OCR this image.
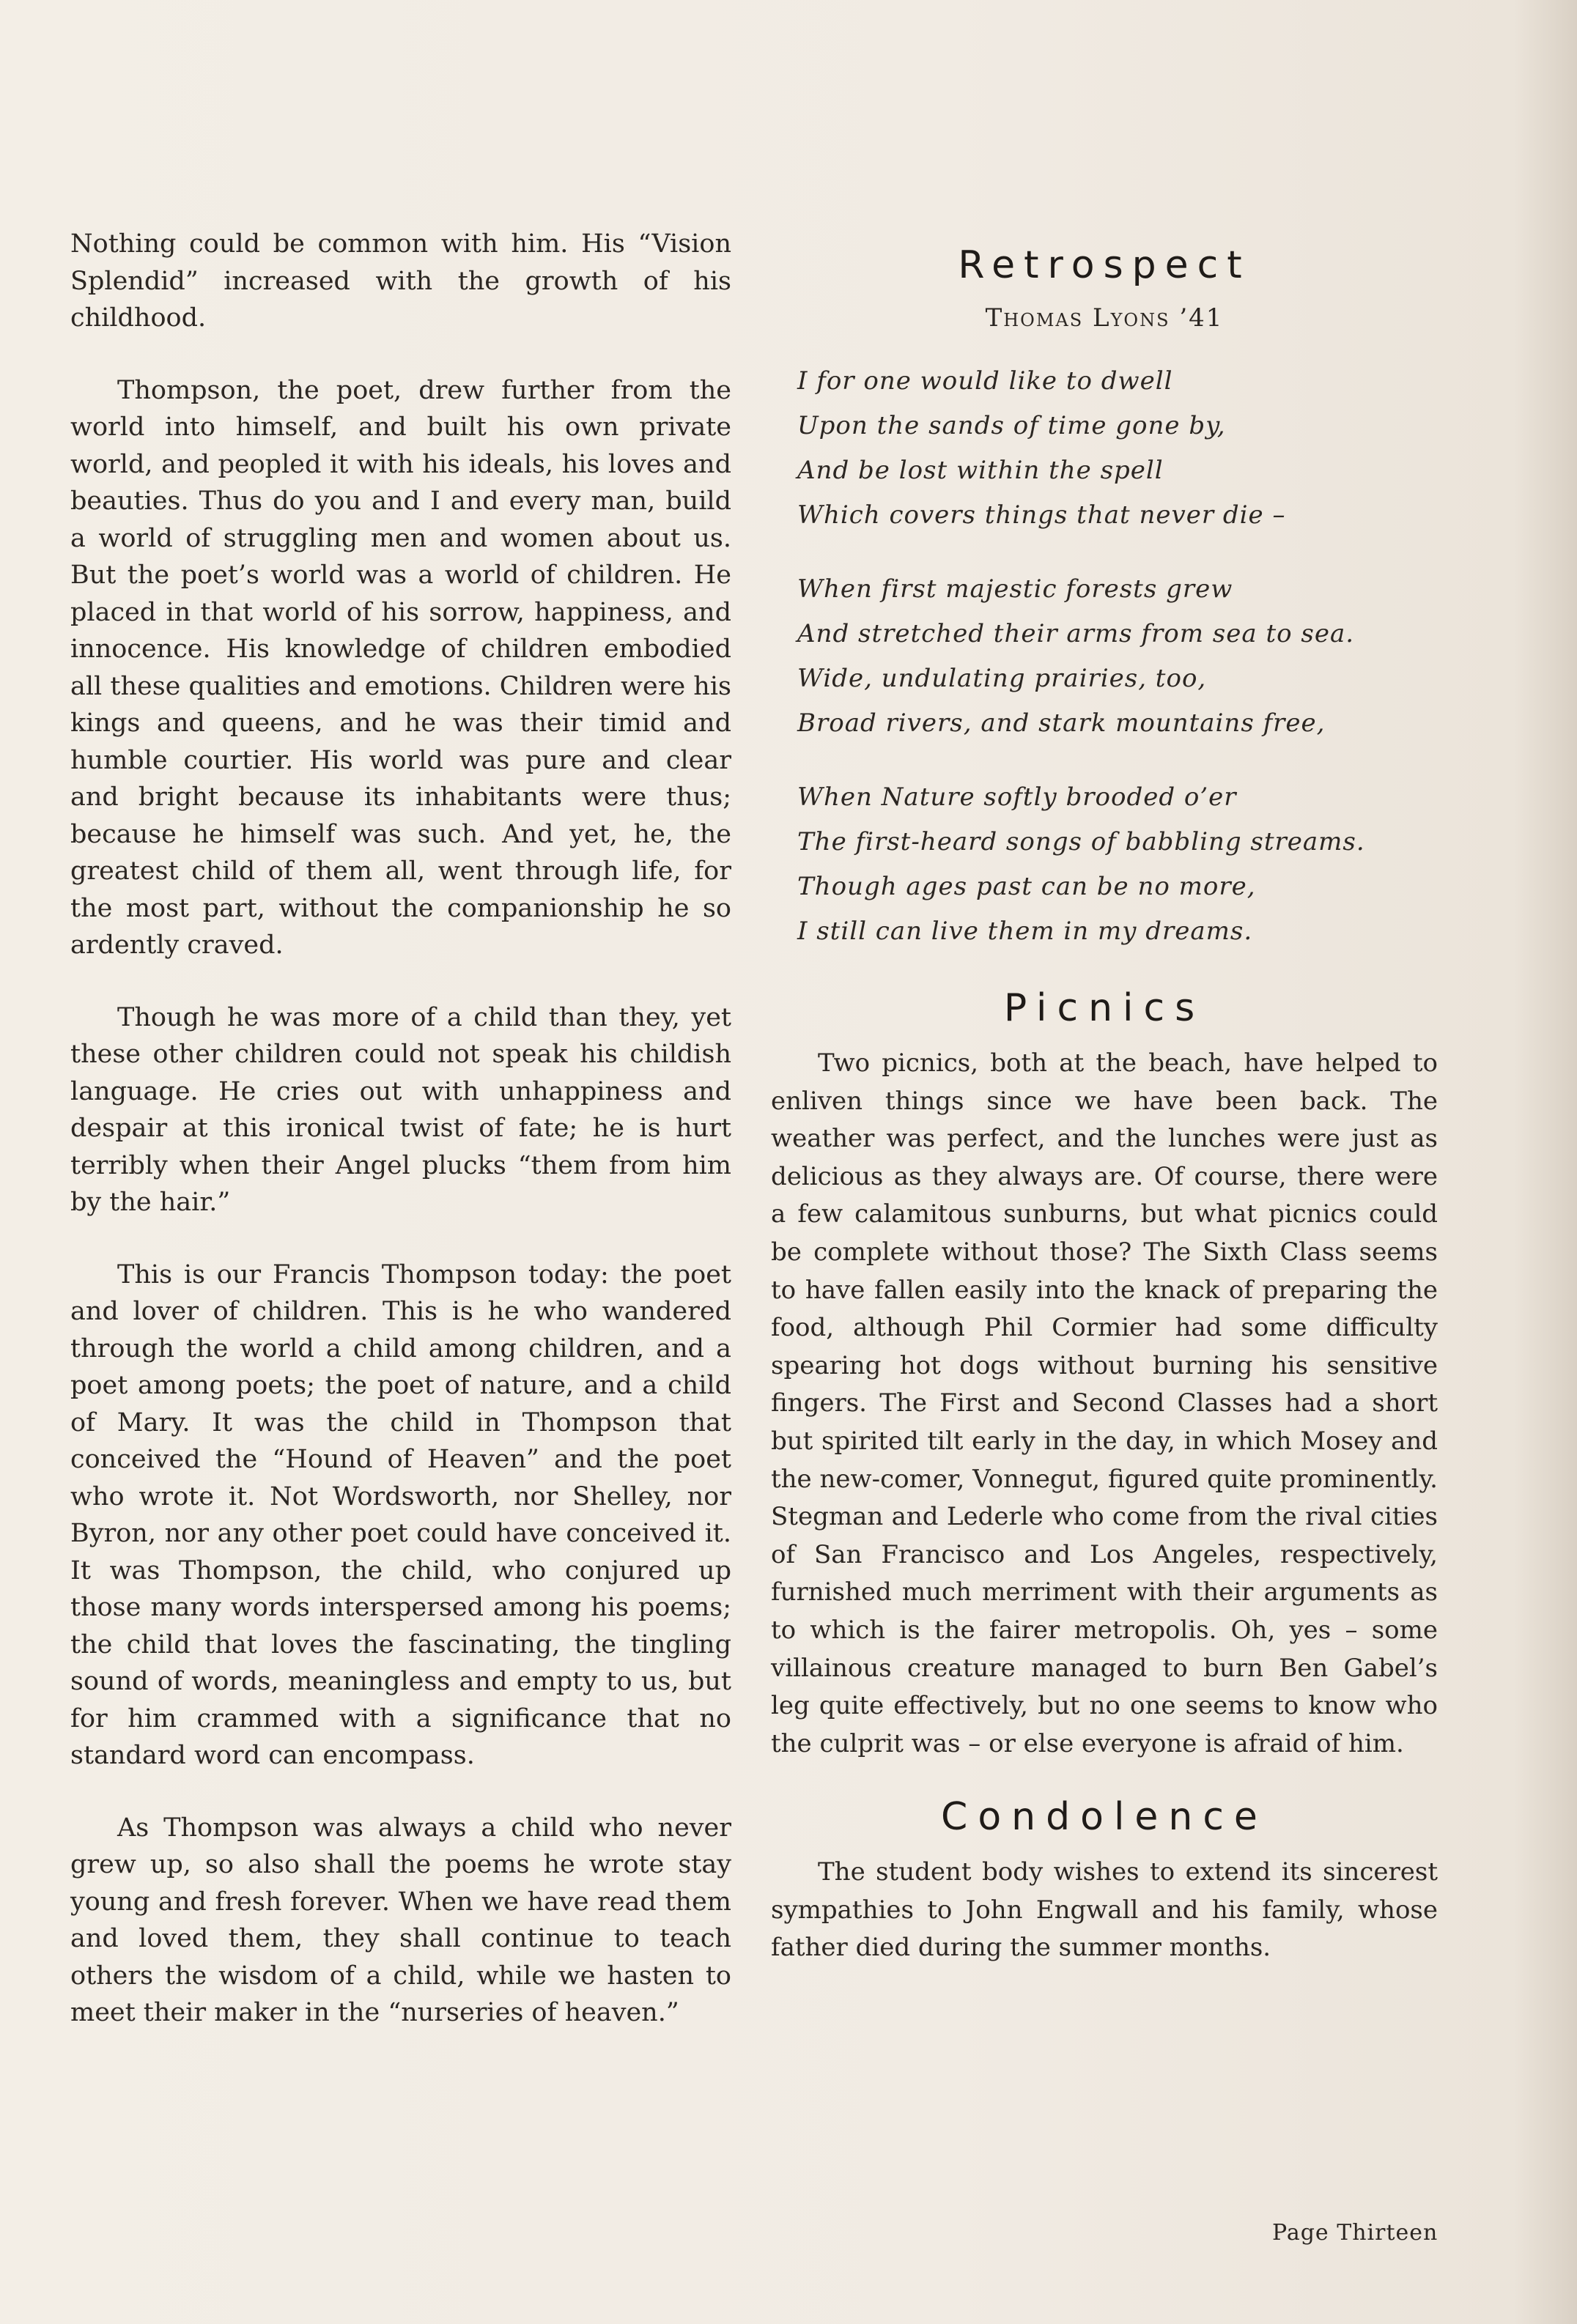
Nothing could be common with him. His “Vision Splendid” increased with the growth of his childhood.

Thompson, the poet, drew further from the world into himself, and built his own private world, and peopled it with his ideals, his loves and beauties. Thus do you and I and every man, build a world of struggling men and women about us. But the poet’s world was a world of children. He placed in that world of his sorrow, happiness, and innocence. His knowledge of children embodied all these qualities and emotions. Children were his kings and queens, and he was their timid and humble courtier. His world was pure and clear and bright because its inhabitants were thus; because he himself was such. And yet, he, the greatest child of them all, went through life, for the most part, without the companionship he so ardently craved.

Though he was more of a child than they, yet these other children could not speak his childish language. He cries out with unhappiness and despair at this ironical twist of fate; he is hurt terribly when their Angel plucks “them from him by the hair.”

This is our Francis Thompson today: the poet and lover of children. This is he who wandered through the world a child among children, and a poet among poets; the poet of nature, and a child of Mary. It was the child in Thompson that conceived the “Hound of Heaven” and the poet who wrote it. Not Wordsworth, nor Shelley, nor Byron, nor any other poet could have conceived it. It was Thompson, the child, who conjured up those many words interspersed among his poems; the child that loves the fascinating, the tingling sound of words, meaningless and empty to us, but for him crammed with a significance that no standard word can encompass.

As Thompson was always a child who never grew up, so also shall the poems he wrote stay young and fresh forever. When we have read them and loved them, they shall continue to teach others the wisdom of a child, while we hasten to meet their maker in the “nurseries of heaven.”

Retrospect
Thomas Lyons ’41
I for one would like to dwell
Upon the sands of time gone by,
And be lost within the spell
Which covers things that never die –
When first majestic forests grew
And stretched their arms from sea to sea.
Wide, undulating prairies, too,
Broad rivers, and stark mountains free,
When Nature softly brooded o’er
The first-heard songs of babbling streams.
Though ages past can be no more,
I still can live them in my dreams.
Picnics

Two picnics, both at the beach, have helped to enliven things since we have been back. The weather was perfect, and the lunches were just as delicious as they always are. Of course, there were a few calamitous sunburns, but what picnics could be complete without those? The Sixth Class seems to have fallen easily into the knack of preparing the food, although Phil Cormier had some difficulty spearing hot dogs without burning his sensitive fingers. The First and Second Classes had a short but spirited tilt early in the day, in which Mosey and the new-comer, Vonnegut, figured quite prominently. Stegman and Lederle who come from the rival cities of San Francisco and Los Angeles, respectively, furnished much merriment with their arguments as to which is the fairer metropolis. Oh, yes – some villainous creature managed to burn Ben Gabel’s leg quite effectively, but no one seems to know who the culprit was – or else everyone is afraid of him.

Condolence

The student body wishes to extend its sincerest sympathies to John Engwall and his family, whose father died during the summer months.

Page Thirteen
